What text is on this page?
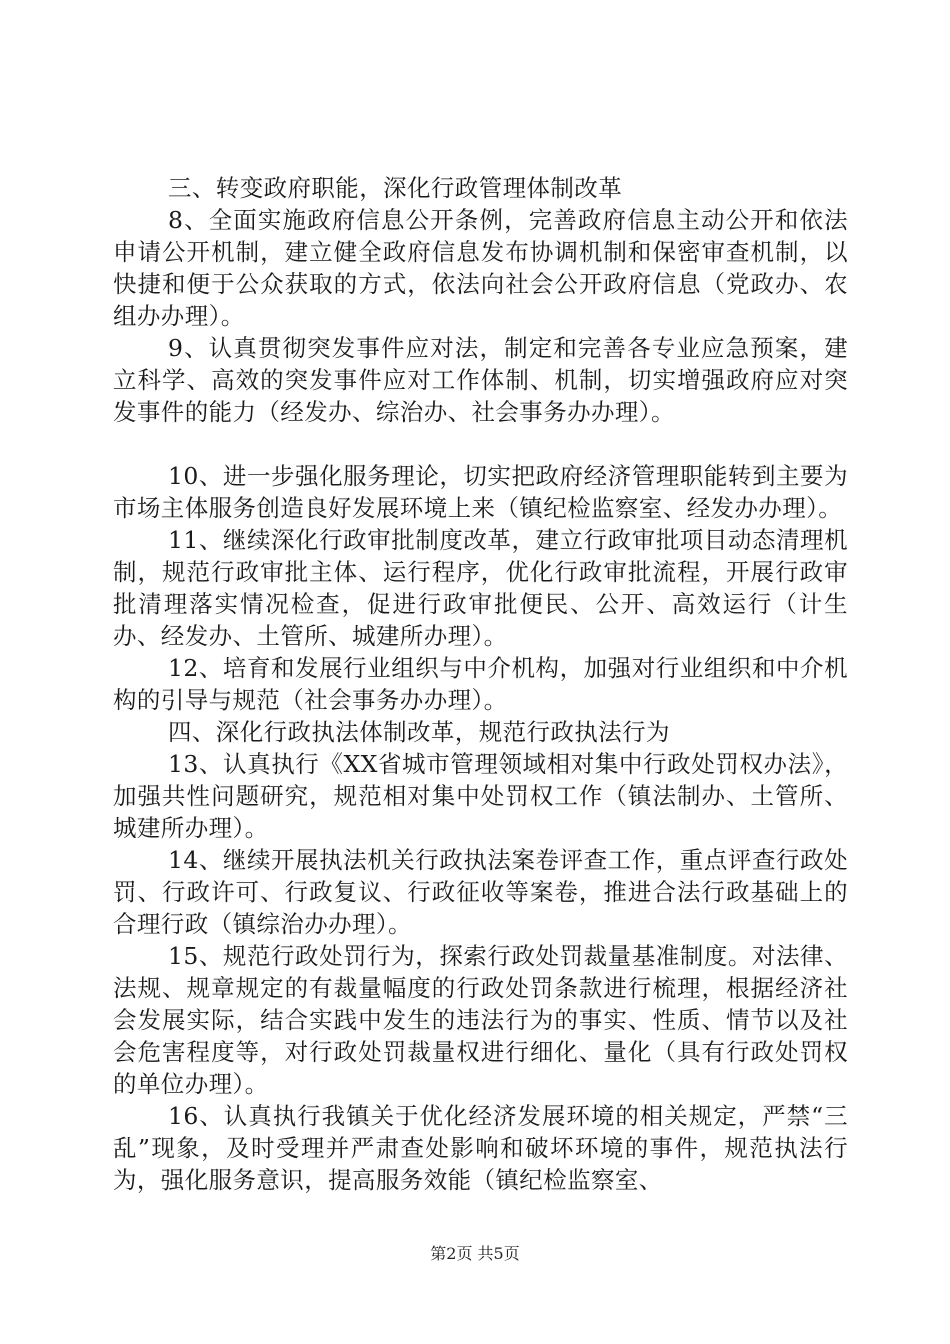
三、转变政府职能，深化行政管理体制改革

8、全面实施政府信息公开条例，完善政府信息主动公开和依法申请公开机制，建立健全政府信息发布协调机制和保密审查机制，以快捷和便于公众获取的方式，依法向社会公开政府信息（党政办、农组办办理）。

9、认真贯彻突发事件应对法，制定和完善各专业应急预案，建立科学、高效的突发事件应对工作体制、机制，切实增强政府应对突发事件的能力（经发办、综治办、社会事务办办理）。

10、进一步强化服务理论，切实把政府经济管理职能转到主要为市场主体服务创造良好发展环境上来（镇纪检监察室、经发办办理）。

11、继续深化行政审批制度改革，建立行政审批项目动态清理机制，规范行政审批主体、运行程序，优化行政审批流程，开展行政审批清理落实情况检查，促进行政审批便民、公开、高效运行（计生办、经发办、土管所、城建所办理）。

12、培育和发展行业组织与中介机构，加强对行业组织和中介机构的引导与规范（社会事务办办理）。

四、深化行政执法体制改革，规范行政执法行为

13、认真执行《XX省城市管理领域相对集中行政处罚权办法》，加强共性问题研究，规范相对集中处罚权工作（镇法制办、土管所、城建所办理）。

14、继续开展执法机关行政执法案卷评查工作，重点评查行政处罚、行政许可、行政复议、行政征收等案卷，推进合法行政基础上的合理行政（镇综治办办理）。

15、规范行政处罚行为，探索行政处罚裁量基准制度。对法律、法规、规章规定的有裁量幅度的行政处罚条款进行梳理，根据经济社会发展实际，结合实践中发生的违法行为的事实、性质、情节以及社会危害程度等，对行政处罚裁量权进行细化、量化（具有行政处罚权的单位办理）。

16、认真执行我镇关于优化经济发展环境的相关规定，严禁“三乱”现象，及时受理并严肃查处影响和破坏环境的事件，规范执法行为，强化服务意识，提高服务效能（镇纪检监察室、

第2页 共5页
